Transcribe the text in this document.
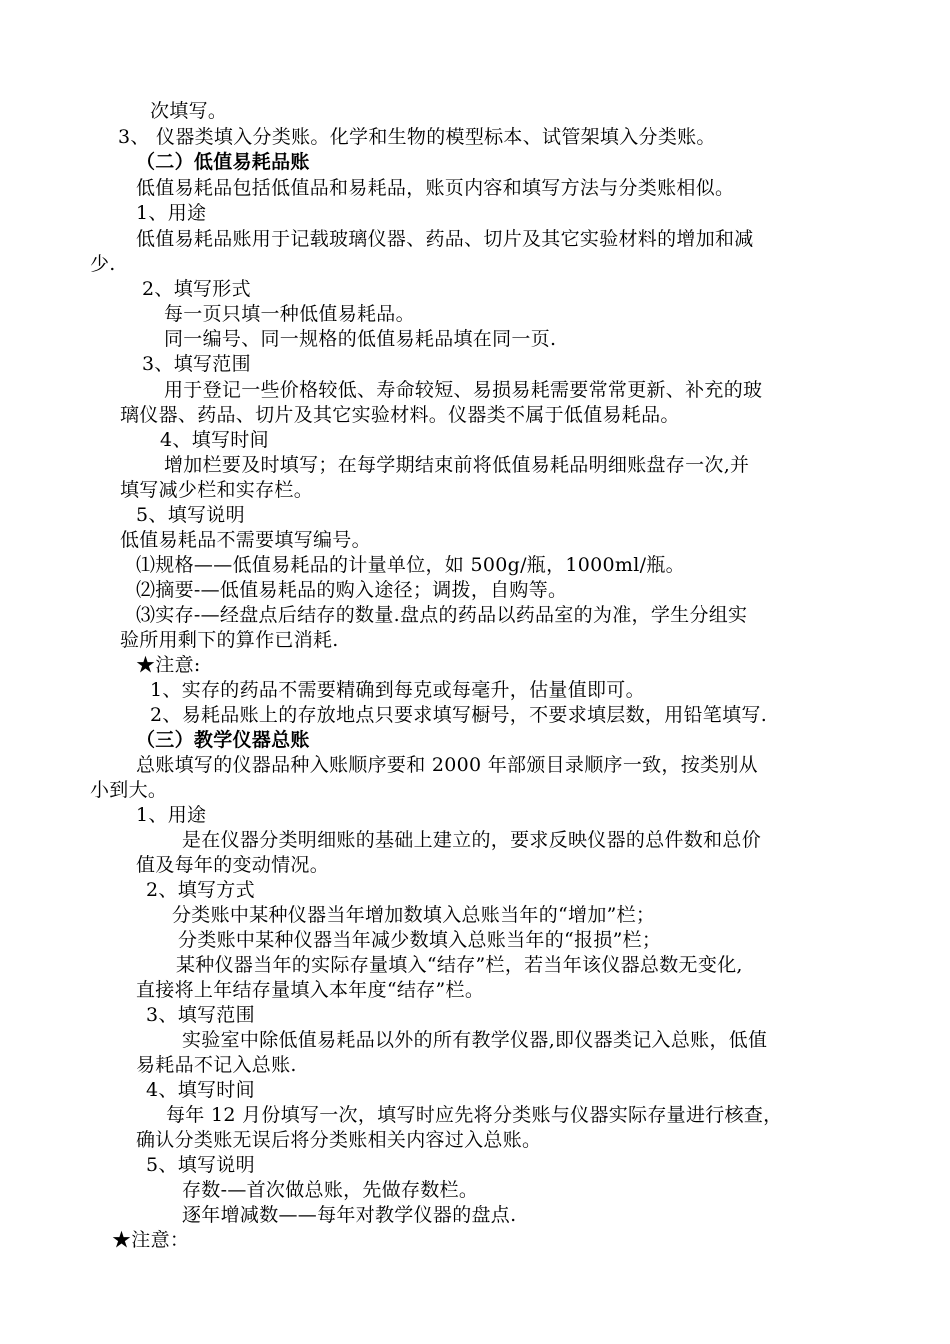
次填写。
3、 仪器类填入分类账。化学和生物的模型标本、试管架填入分类账。
（二）低值易耗品账
低值易耗品包括低值品和易耗品，账页内容和填写方法与分类账相似。
1、用途
低值易耗品账用于记载玻璃仪器、药品、切片及其它实验材料的增加和减
少.
2、填写形式
每一页只填一种低值易耗品。
同一编号、同一规格的低值易耗品填在同一页.
3、填写范围
用于登记一些价格较低、寿命较短、易损易耗需要常常更新、补充的玻
璃仪器、药品、切片及其它实验材料。仪器类不属于低值易耗品。
4、填写时间
增加栏要及时填写；在每学期结束前将低值易耗品明细账盘存一次,并
填写减少栏和实存栏。
5、填写说明
低值易耗品不需要填写编号。
⑴规格——低值易耗品的计量单位，如 500g/瓶，1000ml/瓶。
⑵摘要-—低值易耗品的购入途径；调拨，自购等。
⑶实存-—经盘点后结存的数量.盘点的药品以药品室的为准，学生分组实
验所用剩下的算作已消耗.
★注意:
1、实存的药品不需要精确到每克或每毫升，估量值即可。
2、易耗品账上的存放地点只要求填写橱号，不要求填层数，用铅笔填写.
（三）教学仪器总账
总账填写的仪器品种入账顺序要和 2000 年部颁目录顺序一致，按类别从
小到大。
1、用途
是在仪器分类明细账的基础上建立的，要求反映仪器的总件数和总价
值及每年的变动情况。
2、填写方式
分类账中某种仪器当年增加数填入总账当年的“增加”栏；
分类账中某种仪器当年减少数填入总账当年的“报损”栏；
某种仪器当年的实际存量填入“结存”栏，若当年该仪器总数无变化,
直接将上年结存量填入本年度“结存”栏。
3、填写范围
实验室中除低值易耗品以外的所有教学仪器,即仪器类记入总账，低值
易耗品不记入总账.
4、填写时间
每年 12 月份填写一次，填写时应先将分类账与仪器实际存量进行核查，
确认分类账无误后将分类账相关内容过入总账。
5、填写说明
存数-—首次做总账，先做存数栏。
逐年增减数——每年对教学仪器的盘点.
★注意：
